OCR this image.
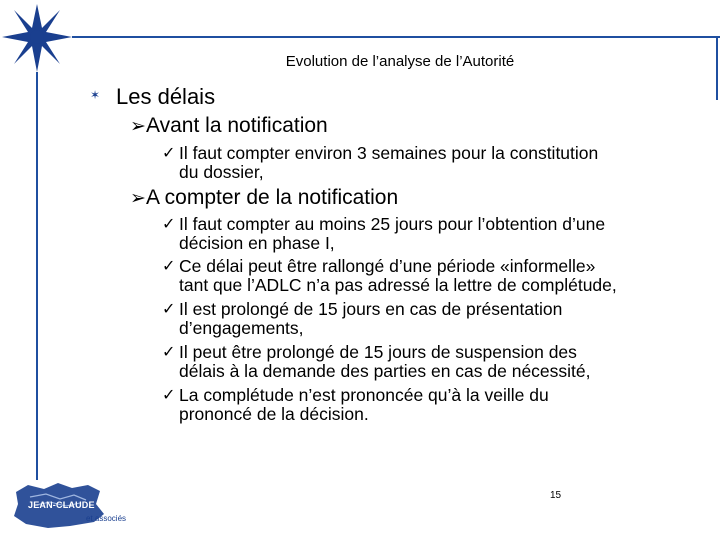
Evolution de l’analyse de l’Autorité
✶ Les délais
➢Avant la notification
✓ Il faut compter environ 3 semaines pour la constitution
du dossier,
➢A compter de la notification
✓ Il faut compter au moins 25 jours pour l’obtention d’une
décision en phase I,
✓ Ce délai peut être rallongé d’une période «informelle»
tant que l’ADLC n’a pas adressé la lettre de complétude,
✓ Il est prolongé de 15 jours en cas de présentation
d’engagements,
✓ Il peut être prolongé de 15 jours de suspension des
délais à la demande des parties en cas de nécessité,
✓ La complétude n’est prononcée qu’à la veille du
prononcé de la décision.
15
JEAN-CLAUDE COULON
et associés
